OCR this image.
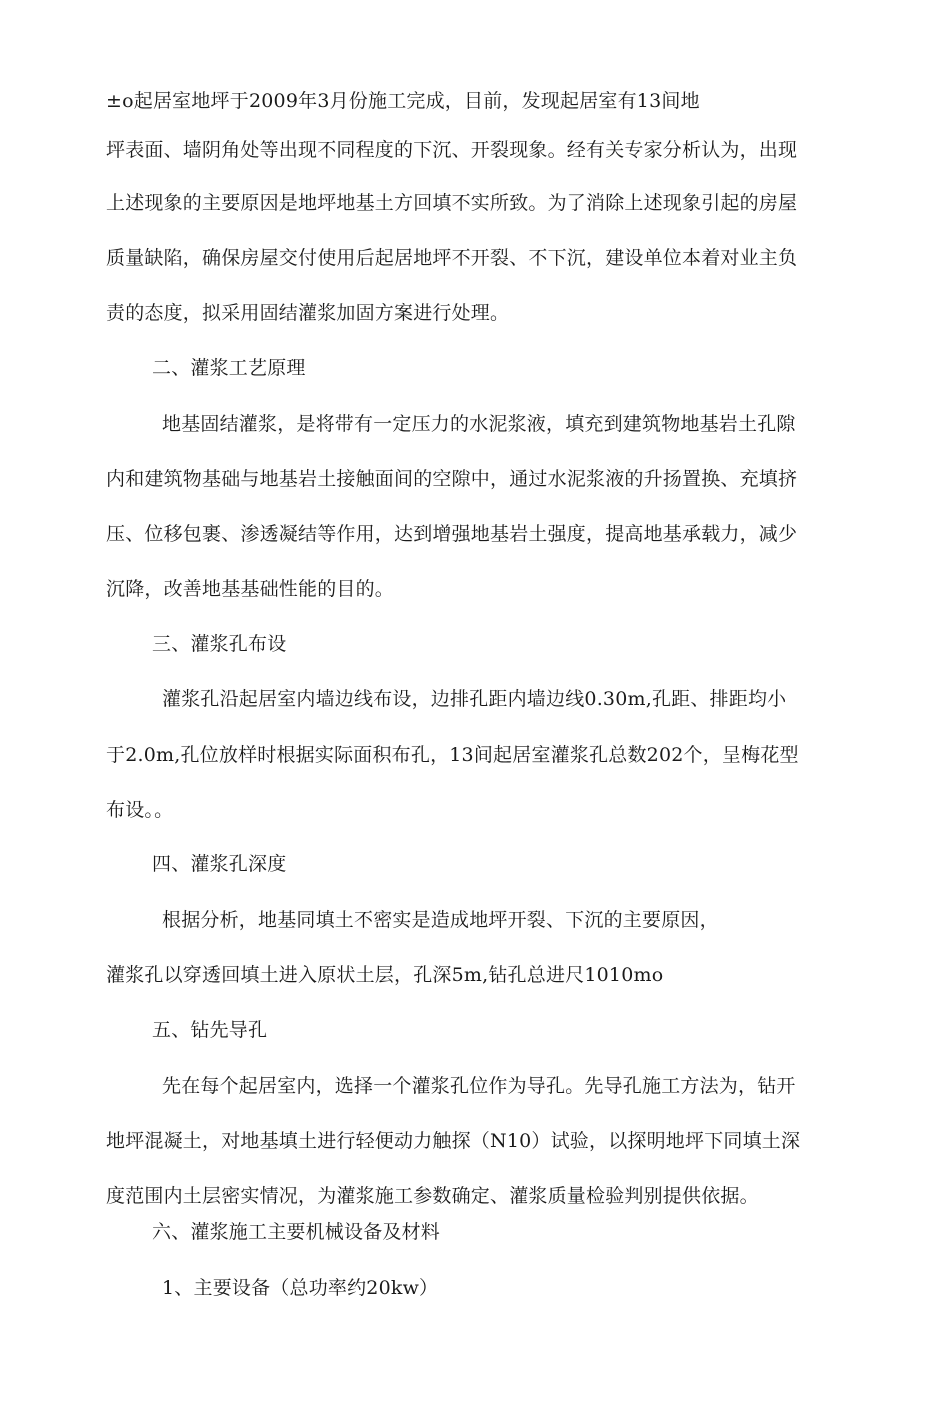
±o起居室地坪于2009年3月份施工完成，目前，发现起居室有13间地
坪表面、墙阴角处等出现不同程度的下沉、开裂现象。经有关专家分析认为，出现
上述现象的主要原因是地坪地基土方回填不实所致。为了消除上述现象引起的房屋
质量缺陷，确保房屋交付使用后起居地坪不开裂、不下沉，建设单位本着对业主负
责的态度，拟采用固结灌浆加固方案进行处理。
二、灌浆工艺原理
地基固结灌浆，是将带有一定压力的水泥浆液，填充到建筑物地基岩土孔隙
内和建筑物基础与地基岩土接触面间的空隙中，通过水泥浆液的升扬置换、充填挤
压、位移包裹、渗透凝结等作用，达到增强地基岩土强度，提高地基承载力，减少
沉降，改善地基基础性能的目的。
三、灌浆孔布设
灌浆孔沿起居室内墙边线布设，边排孔距内墙边线0.30m,孔距、排距均小
于2.0m,孔位放样时根据实际面积布孔，13间起居室灌浆孔总数202个，呈梅花型
布设。。
四、灌浆孔深度
根据分析，地基同填土不密实是造成地坪开裂、下沉的主要原因，
灌浆孔以穿透回填土进入原状土层，孔深5m,钻孔总进尺1010mo
五、钻先导孔
先在每个起居室内，选择一个灌浆孔位作为导孔。先导孔施工方法为，钻开
地坪混凝土，对地基填土进行轻便动力触探（N10）试验，以探明地坪下同填土深
度范围内土层密实情况，为灌浆施工参数确定、灌浆质量检验判别提供依据。
六、灌浆施工主要机械设备及材料
1、主要设备（总功率约20kw）
